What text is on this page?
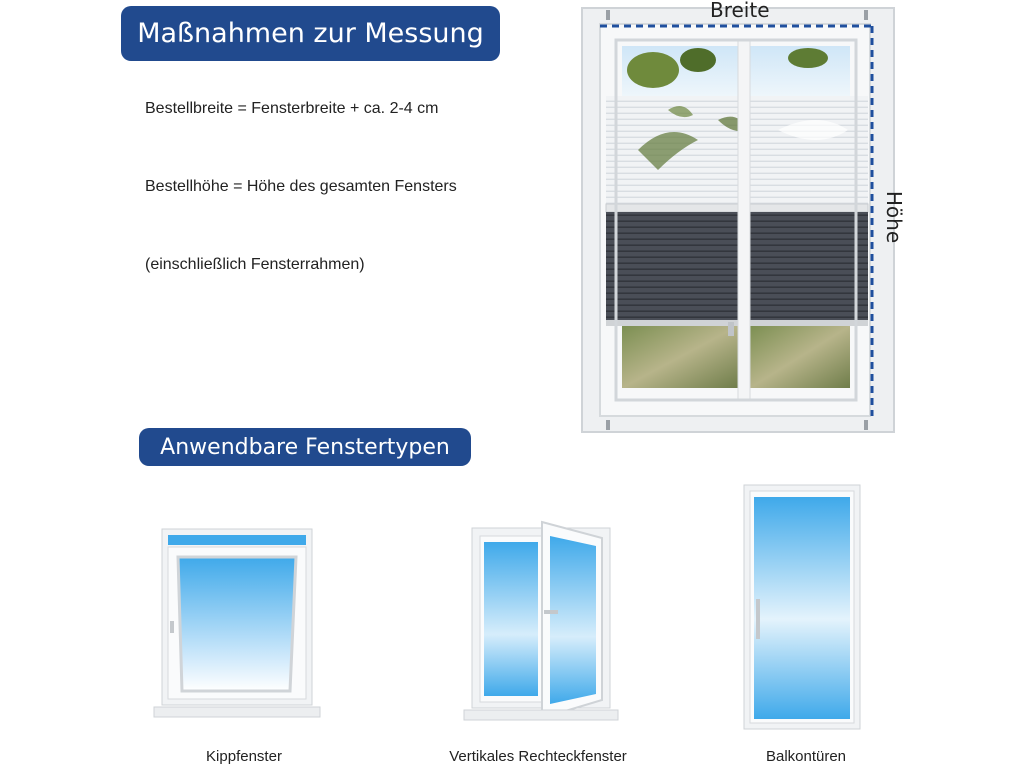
Maßnahmen zur Messung
Bestellbreite = Fensterbreite + ca. 2-4 cm
Bestellhöhe = Höhe des gesamten Fensters
(einschließlich Fensterrahmen)
Breite
Höhe
Anwendbare Fenstertypen
Kippfenster	Vertikales Rechteckfenster	Balkontüren
